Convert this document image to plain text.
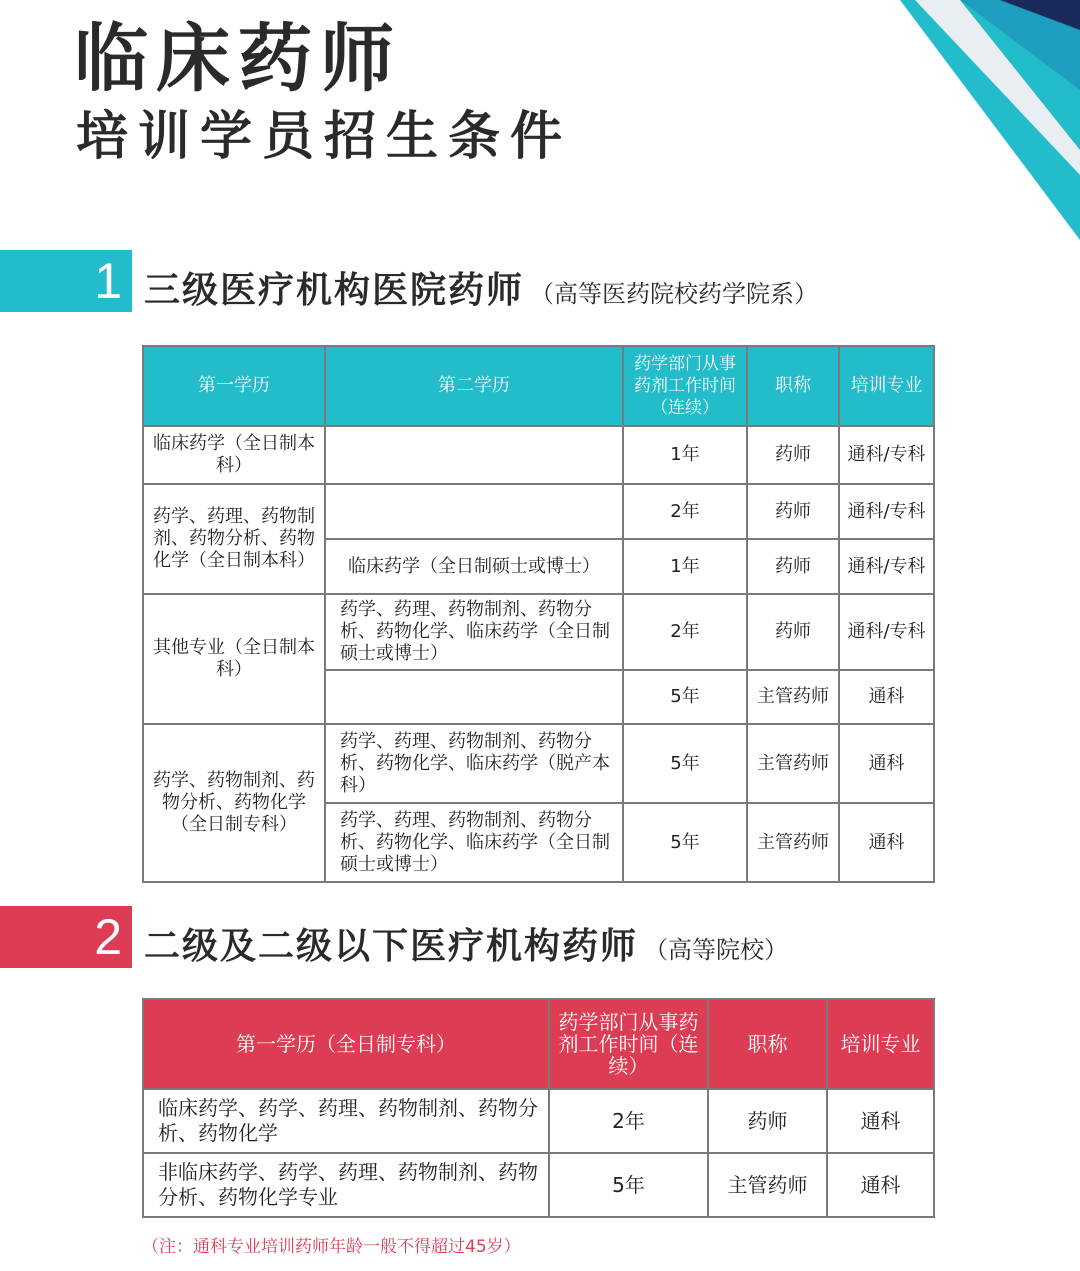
临床药师
培训学员招生条件
1 三级医疗机构医院药师 （高等医药院校药学院系）
第一学历	第二学历	药学部门从事药剂工作时间（连续）	职称	培训专业
临床药学（全日制本科）		1年	药师	通科/专科
药学、药理、药物制剂、药物分析、药物化学（全日制本科）		2年	药师	通科/专科
	临床药学（全日制硕士或博士）	1年	药师	通科/专科
其他专业（全日制本科）	药学、药理、药物制剂、药物分析、药物化学、临床药学（全日制硕士或博士）	2年	药师	通科/专科
		5年	主管药师	通科
药学、药物制剂、药物分析、药物化学（全日制专科）	药学、药理、药物制剂、药物分析、药物化学、临床药学（脱产本科）	5年	主管药师	通科
	药学、药理、药物制剂、药物分析、药物化学、临床药学（全日制硕士或博士）	5年	主管药师	通科
2 二级及二级以下医疗机构药师 （高等院校）
第一学历（全日制专科）	药学部门从事药剂工作时间（连续）	职称	培训专业
临床药学、药学、药理、药物制剂、药物分析、药物化学	2年	药师	通科
非临床药学、药学、药理、药物制剂、药物分析、药物化学专业	5年	主管药师	通科
（注：通科专业培训药师年龄一般不得超过45岁）
